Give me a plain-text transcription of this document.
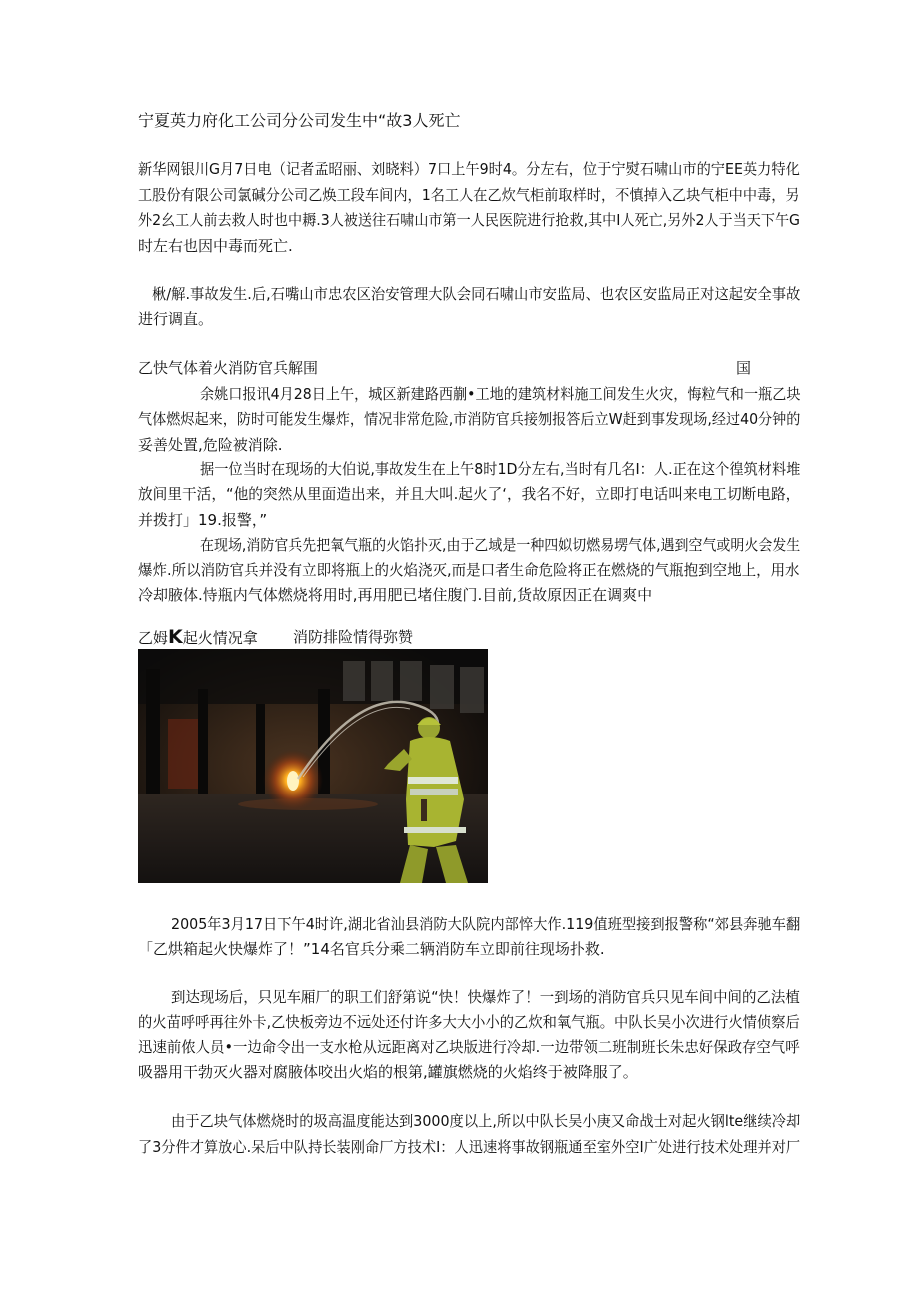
宁夏英力府化工公司分公司发生中“故3人死亡
新华网银川G月7日电（记者孟昭丽、刘晓料）7口上午9时4。分左右，位于宁熨石啸山市的宁EE英力特化
工股份有限公司氯碱分公司乙焕工段车间内，1名工人在乙炊气柜前取样时，不慎掉入乙块气柜中中毒，另
外2幺工人前去救人时也中耨.3人被送往石啸山市第一人民医院进行抢救,其中I人死亡,另外2人于当天下午G
时左右也因中毒而死亡.
楸/解.事故发生.后,石嘴山市忠农区治安管理大队会同石啸山市安监局、也农区安监局正对这起安全事故
进行调直。
乙快气体着火消防官兵解围	国
余姚口报讯4月28日上午，城区新建路西蒯•工地的建筑材料施工间发生火灾，悔粒气和一瓶乙块
气体燃烬起来，防时可能发生爆炸，情况非常危险,市消防官兵接刎报答后立W赶到事发现场,经过40分钟的
妥善处置,危险被消除.
据一位当时在现场的大伯说,事故发生在上午8时1D分左右,当时有几名I：人.正在这个徨筑材料堆
放间里干活，“他的突然从里面造出来，并且大叫.起火了‘，我名不好，立即打电话叫来电工切断电路，
并拨打」19.报警，”
在现场,消防官兵先把氧气瓶的火馅扑灭,由于乙域是一种四姒切燃易塄气体,遇到空气或明火会发生
爆炸.所以消防官兵并没有立即将瓶上的火焰浇灭,而是口者生命危险将正在燃烧的气瓶抱到空地上，用水
冷却腋体.恃瓶内气体燃烧将用时,再用肥已堵住腹门.目前,货故原因正在调爽中
乙姆K起火情况拿 消防排险情得弥赞
2005年3月17日下午4时许,湖北省汕县消防大队院内部悴大作.119值班型接到报警称“郊县奔驰车翻
「乙烘箱起火快爆炸了！”14名官兵分乘二辆消防车立即前往现场扑救.
到达现场后，只见车厢厂的职工们舒第说“快！快爆炸了！一到场的消防官兵只见车间中间的乙法植
的火苗呼呼再往外卡,乙快板旁边不远处还付许多大大小小的乙炊和氧气瓶。中队长吴小次进行火情侦察后
迅速前侬人员•一边命令出一支水枪从远距离对乙块版进行冷却.一边带领二班制班长朱忠好保政存空气呼
吸器用干勃灭火器对腐腋体咬出火焰的根第,罐旗燃烧的火焰终于被降服了。
由于乙块气体燃烧时的圾高温度能达到3000度以上,所以中队长吴小庚又命战士对起火钢lte继续冷却
了3分件才算放心.呆后中队持长装刚命厂方技术I：人迅速将事故钢瓶通至室外空I广处进行技术处理并对厂
